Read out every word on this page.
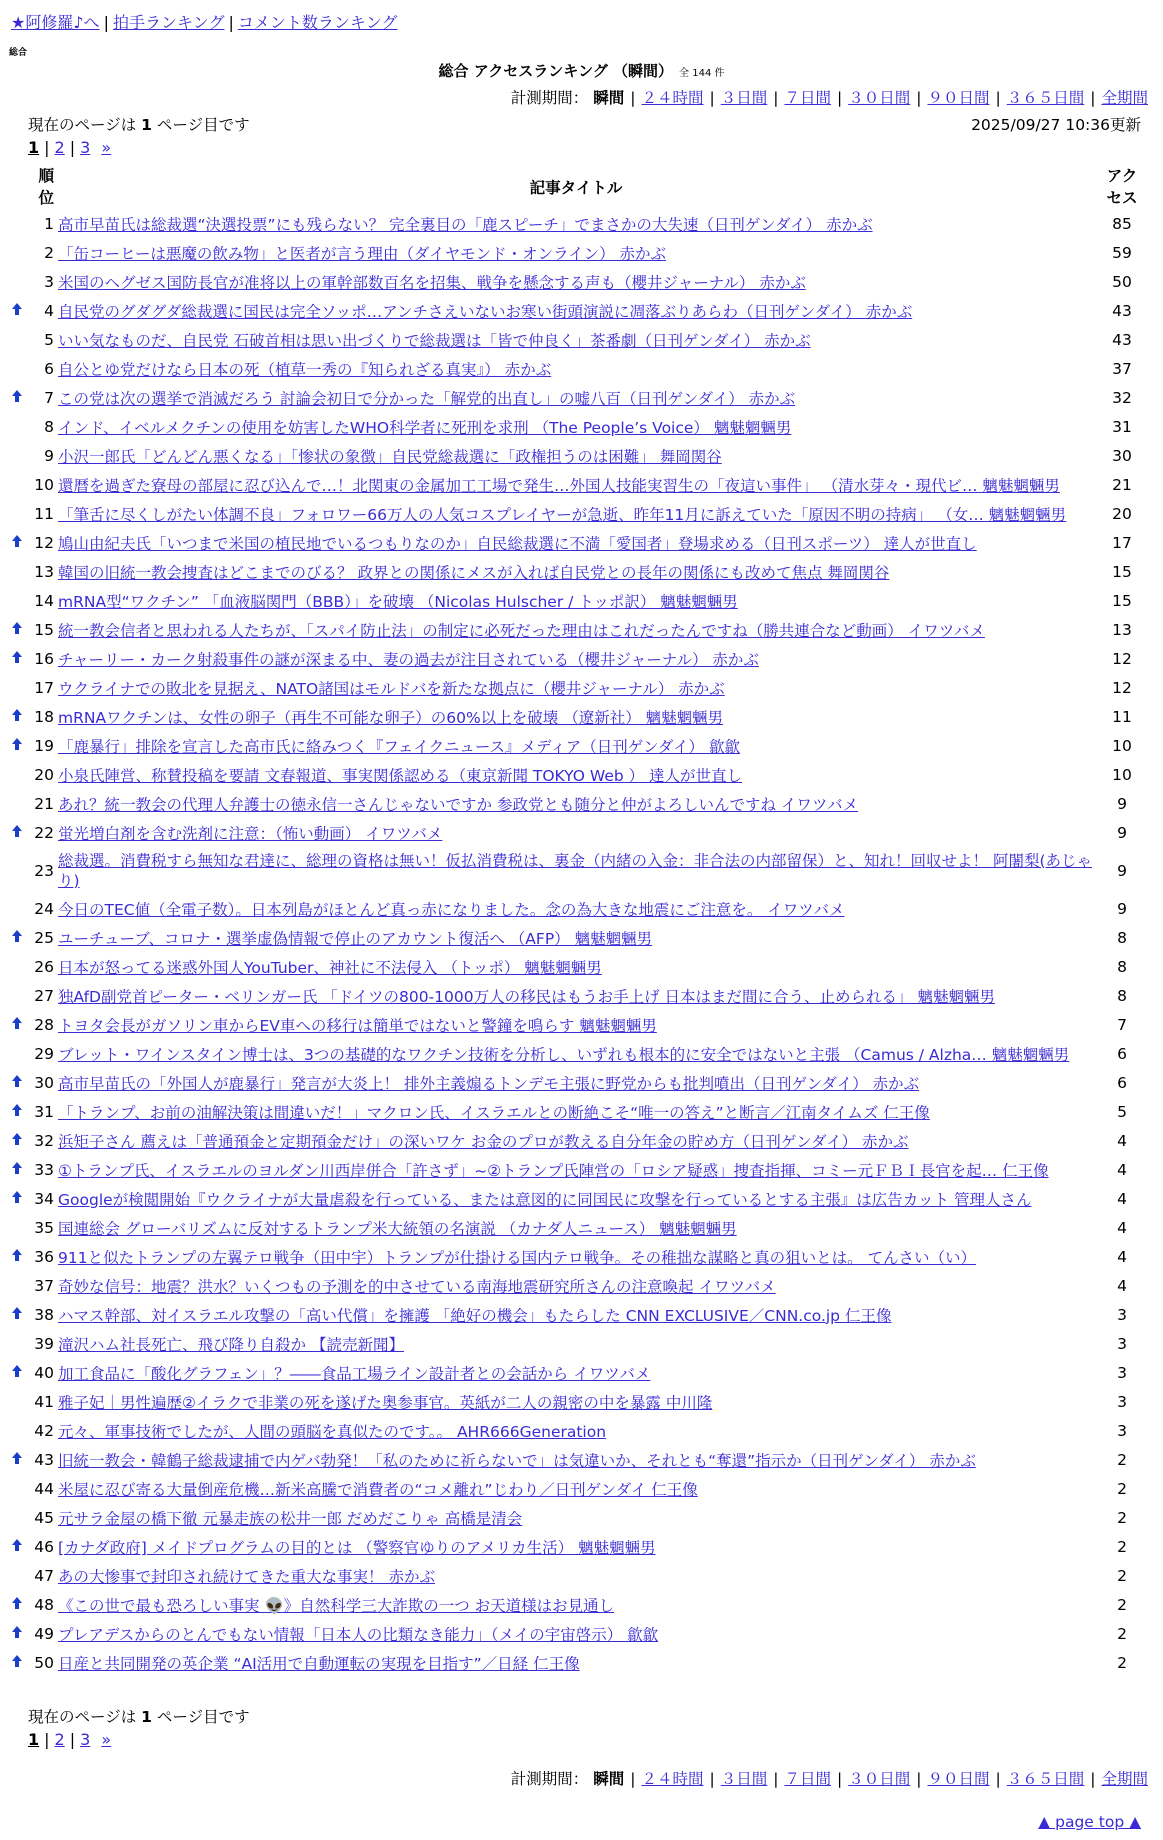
★阿修羅♪へ | 拍手ランキング | コメント数ランキング
総合
総合 アクセスランキング （瞬間） 全 144 件
計測期間： 瞬間 | ２４時間 | ３日間 | ７日間 | ３０日間 | ９０日間 | ３６５日間 | 全期間
現在のページは 1 ページ目です	2025/09/27 10:36更新
1 | 2 | 3 »
順
位		記事タイトル	アク
セス
	1	高市早苗氏は総裁選“決選投票”にも残らない？ 完全裏目の「鹿スピーチ」でまさかの大失速（日刊ゲンダイ） 赤かぶ	85
	2	「缶コーヒーは悪魔の飲み物」と医者が言う理由（ダイヤモンド・オンライン） 赤かぶ	59
	3	米国のヘグゼス国防長官が准将以上の軍幹部数百名を招集、戦争を懸念する声も（櫻井ジャーナル） 赤かぶ	50
	4	自民党のグダグダ総裁選に国民は完全ソッポ…アンチさえいないお寒い街頭演説に凋落ぶりあらわ（日刊ゲンダイ） 赤かぶ	43
	5	いい気なものだ、自民党 石破首相は思い出づくりで総裁選は「皆で仲良く」茶番劇（日刊ゲンダイ） 赤かぶ	43
	6	自公とゆ党だけなら日本の死（植草一秀の『知られざる真実』） 赤かぶ	37
	7	この党は次の選挙で消滅だろう 討論会初日で分かった「解党的出直し」の嘘八百（日刊ゲンダイ） 赤かぶ	32
	8	インド、イベルメクチンの使用を妨害したWHO科学者に死刑を求刑 （The People’s Voice） 魑魅魍魎男	31
	9	小沢一郎氏「どんどん悪くなる」「惨状の象徴」自民党総裁選に「政権担うのは困難」 舞岡関谷	30
	10	還暦を過ぎた寮母の部屋に忍び込んで…！北関東の金属加工工場で発生…外国人技能実習生の「夜這い事件」 （清水芽々・現代ビ… 魑魅魍魎男	21
	11	「筆舌に尽くしがたい体調不良」フォロワー66万人の人気コスプレイヤーが急逝、昨年11月に訴えていた「原因不明の持病」 （女… 魑魅魍魎男	20
	12	鳩山由紀夫氏「いつまで米国の植民地でいるつもりなのか」自民総裁選に不満「愛国者」登場求める（日刊スポーツ） 達人が世直し	17
	13	韓国の旧統一教会捜査はどこまでのびる？ 政界との関係にメスが入れば自民党との長年の関係にも改めて焦点 舞岡関谷	15
	14	mRNA型“ワクチン” 「血液脳関門（BBB）」を破壊 （Nicolas Hulscher / トッポ訳） 魑魅魍魎男	15
	15	統一教会信者と思われる人たちが、「スパイ防止法」の制定に必死だった理由はこれだったんですね（勝共連合など動画） イワツバメ	13
	16	チャーリー・カーク射殺事件の謎が深まる中、妻の過去が注目されている（櫻井ジャーナル） 赤かぶ	12
	17	ウクライナでの敗北を見据え、NATO諸国はモルドバを新たな拠点に（櫻井ジャーナル） 赤かぶ	12
	18	mRNAワクチンは、女性の卵子（再生不可能な卵子）の60%以上を破壊 （遼新社） 魑魅魍魎男	11
	19	「鹿暴行」排除を宣言した高市氏に絡みつく『フェイクニュース』メディア（日刊ゲンダイ） 歙歙	10
	20	小泉氏陣営、称賛投稿を要請 文春報道、事実関係認める（東京新聞 TOKYO Web ） 達人が世直し	10
	21	あれ？統一教会の代理人弁護士の徳永信一さんじゃないですか 参政党とも随分と仲がよろしいんですね イワツバメ	9
	22	蛍光増白剤を含む洗剤に注意：（怖い動画） イワツバメ	9
	23	総裁選。消費税すら無知な君達に、総理の資格は無い！仮払消費税は、裏金（内緒の入金：非合法の内部留保）と、知れ！回収せよ！ 阿闍梨(あじゃり)	9
	24	今日のTEC値（全電子数）。日本列島がほとんど真っ赤になりました。念の為大きな地震にご注意を。 イワツバメ	9
	25	ユーチューブ、コロナ・選挙虚偽情報で停止のアカウント復活へ （AFP） 魑魅魍魎男	8
	26	日本が怒ってる迷惑外国人YouTuber、神社に不法侵入 （トッポ） 魑魅魍魎男	8
	27	独AfD副党首ピーター・ベリンガー氏 「ドイツの800-1000万人の移民はもうお手上げ 日本はまだ間に合う、止められる」 魑魅魍魎男	8
	28	トヨタ会長がガソリン車からEV車への移行は簡単ではないと警鐘を鳴らす 魑魅魍魎男	7
	29	ブレット・ワインスタイン博士は、3つの基礎的なワクチン技術を分析し、いずれも根本的に安全ではないと主張 （Camus / Alzha… 魑魅魍魎男	6
	30	高市早苗氏の「外国人が鹿暴行」発言が大炎上！ 排外主義煽るトンデモ主張に野党からも批判噴出（日刊ゲンダイ） 赤かぶ	6
	31	「トランプ、お前の油解決策は間違いだ！」マクロン氏、イスラエルとの断絶こそ“唯一の答え”と断言／江南タイムズ 仁王像	5
	32	浜矩子さん 薦えは「普通預金と定期預金だけ」の深いワケ お金のプロが教える自分年金の貯め方（日刊ゲンダイ） 赤かぶ	4
	33	①トランプ氏、イスラエルのヨルダン川西岸併合「許さず」~②トランプ氏陣営の「ロシア疑惑」捜査指揮、コミー元ＦＢＩ長官を起… 仁王像	4
	34	Googleが検閲開始『ウクライナが大量虐殺を行っている、または意図的に同国民に攻撃を行っているとする主張』は広告カット 管理人さん	4
	35	国連総会 グローバリズムに反対するトランプ米大統領の名演説 （カナダ人ニュース） 魑魅魍魎男	4
	36	911と似たトランプの左翼テロ戦争（田中宇）トランプが仕掛ける国内テロ戦争。その稚拙な謀略と真の狙いとは。 てんさい（い）	4
	37	奇妙な信号：地震？洪水？いくつもの予測を的中させている南海地震研究所さんの注意喚起 イワツバメ	4
	38	ハマス幹部、対イスラエル攻撃の「高い代償」を擁護 「絶好の機会」もたらした CNN EXCLUSIVE／CNN.co.jp 仁王像	3
	39	滝沢ハム社長死亡、飛び降り自殺か 【読売新聞】	3
	40	加工食品に「酸化グラフェン」？――食品工場ライン設計者との会話から イワツバメ	3
	41	雅子妃｜男性遍歴②イラクで非業の死を遂げた奥参事官。英紙が二人の親密の中を暴露 中川隆	3
	42	元々、軍事技術でしたが、人間の頭脳を真似たのです。。 AHR666Generation	3
	43	旧統一教会・韓鶴子総裁逮捕で内ゲバ勃発！「私のために祈らないで」は気違いか、それとも“奪還”指示か（日刊ゲンダイ） 赤かぶ	2
	44	米屋に忍び寄る大量倒産危機…新米高騰で消費者の“コメ離れ”じわり／日刊ゲンダイ 仁王像	2
	45	元サラ金屋の橋下徹 元暴走族の松井一郎 だめだこりゃ 高橋是清会	2
	46	[カナダ政府] メイドプログラムの目的とは （警察官ゆりのアメリカ生活） 魑魅魍魎男	2
	47	あの大惨事で封印され続けてきた重大な事実！ 赤かぶ	2
	48	《この世で最も恐ろしい事実 👽》自然科学三大詐欺の一つ お天道様はお見通し	2
	49	プレアデスからのとんでもない情報「日本人の比類なき能力」（メイの宇宙啓示） 歙歙	2
	50	日産と共同開発の英企業 “AI活用で自動運転の実現を目指す”／日経 仁王像	2
現在のページは 1 ページ目です
1 | 2 | 3 »
計測期間： 瞬間 | ２４時間 | ３日間 | ７日間 | ３０日間 | ９０日間 | ３６５日間 | 全期間
▲ page top ▲
